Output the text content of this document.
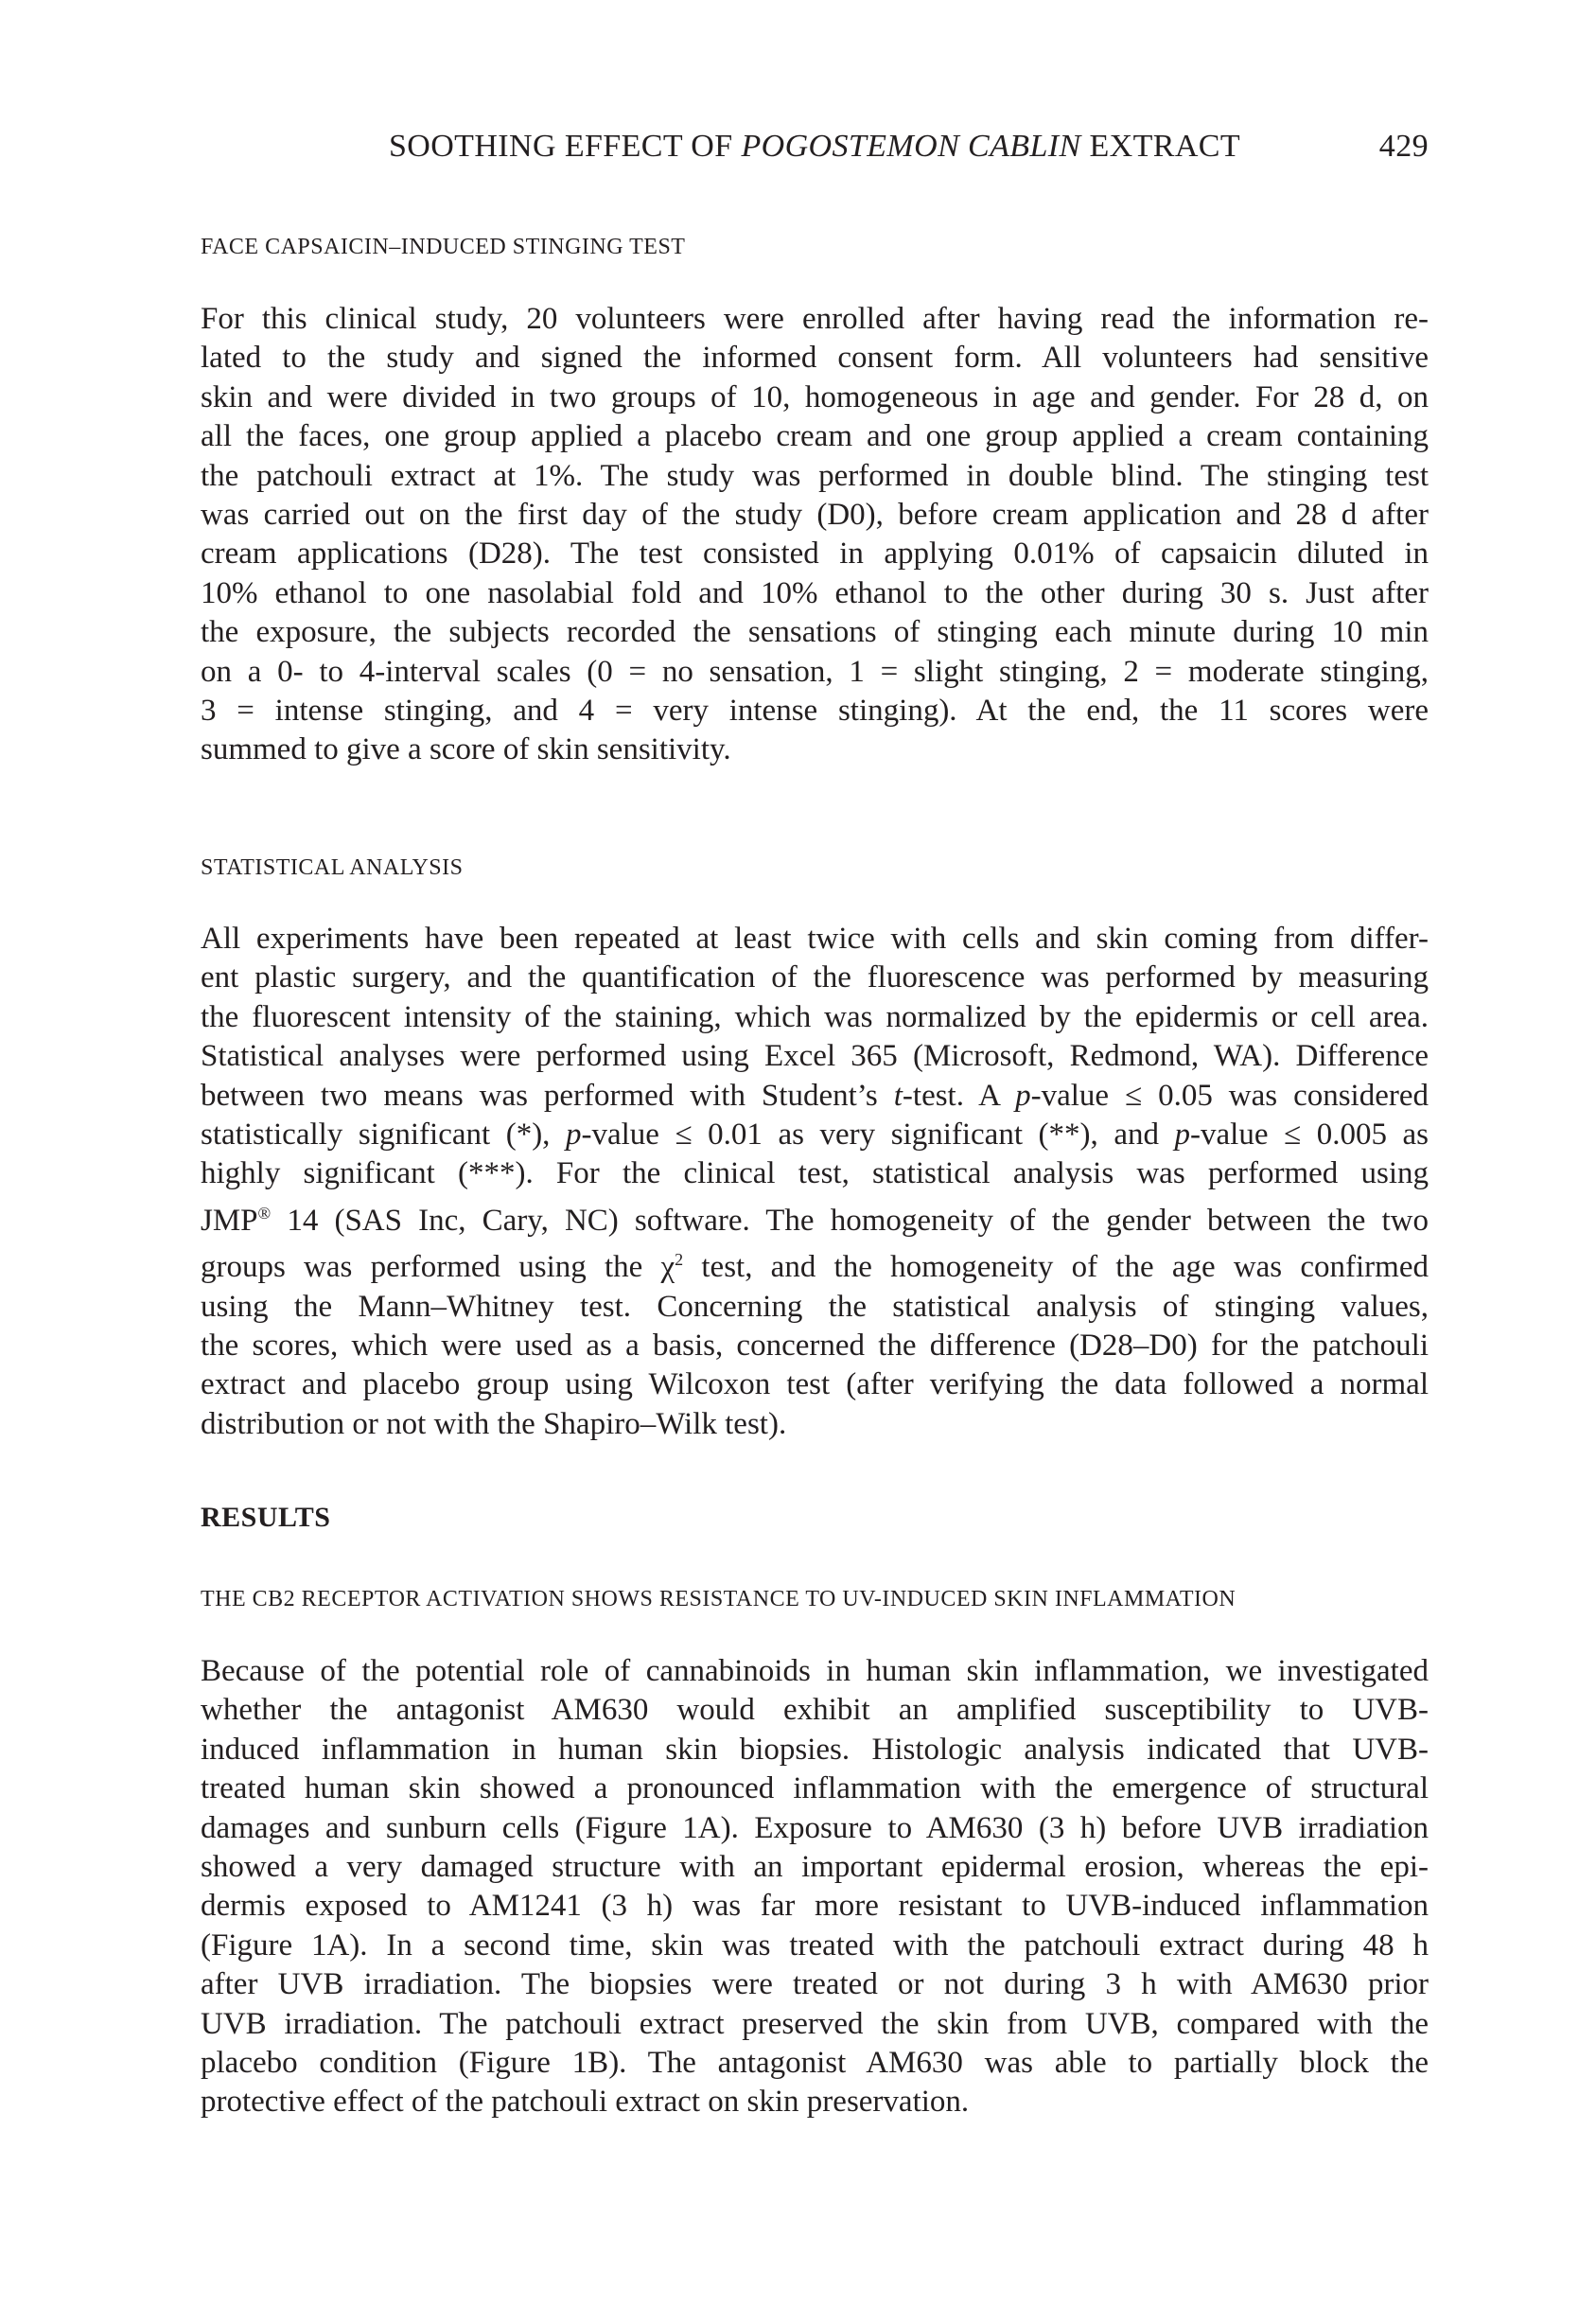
SOOTHING EFFECT OF POGOSTEMON CABLIN EXTRACT	429
FACE CAPSAICIN–INDUCED STINGING TEST
For this clinical study, 20 volunteers were enrolled after having read the information re-
lated to the study and signed the informed consent form. All volunteers had sensitive
skin and were divided in two groups of 10, homogeneous in age and gender. For 28 d, on
all the faces, one group applied a placebo cream and one group applied a cream containing
the patchouli extract at 1%. The study was performed in double blind. The stinging test
was carried out on the first day of the study (D0), before cream application and 28 d after
cream applications (D28). The test consisted in applying 0.01% of capsaicin diluted in
10% ethanol to one nasolabial fold and 10% ethanol to the other during 30 s. Just after
the exposure, the subjects recorded the sensations of stinging each minute during 10 min
on a 0- to 4-interval scales (0 = no sensation, 1 = slight stinging, 2 = moderate stinging,
3 = intense stinging, and 4 = very intense stinging). At the end, the 11 scores were
summed to give a score of skin sensitivity.
STATISTICAL ANALYSIS
All experiments have been repeated at least twice with cells and skin coming from differ-
ent plastic surgery, and the quantification of the fluorescence was performed by measuring
the fluorescent intensity of the staining, which was normalized by the epidermis or cell area.
Statistical analyses were performed using Excel 365 (Microsoft, Redmond, WA). Difference
between two means was performed with Student’s t-test. A p-value ≤ 0.05 was considered
statistically significant (*), p-value ≤ 0.01 as very significant (**), and p-value ≤ 0.005 as
highly significant (***). For the clinical test, statistical analysis was performed using
JMP® 14 (SAS Inc, Cary, NC) software. The homogeneity of the gender between the two
groups was performed using the $\chi^2$ test, and the homogeneity of the age was confirmed
using the Mann–Whitney test. Concerning the statistical analysis of stinging values,
the scores, which were used as a basis, concerned the difference (D28–D0) for the patchouli
extract and placebo group using Wilcoxon test (after verifying the data followed a normal
distribution or not with the Shapiro–Wilk test).
RESULTS
THE CB2 RECEPTOR ACTIVATION SHOWS RESISTANCE TO UV-INDUCED SKIN INFLAMMATION
Because of the potential role of cannabinoids in human skin inflammation, we investigated
whether the antagonist AM630 would exhibit an amplified susceptibility to UVB-
induced inflammation in human skin biopsies. Histologic analysis indicated that UVB-
treated human skin showed a pronounced inflammation with the emergence of structural
damages and sunburn cells (Figure 1A). Exposure to AM630 (3 h) before UVB irradiation
showed a very damaged structure with an important epidermal erosion, whereas the epi-
dermis exposed to AM1241 (3 h) was far more resistant to UVB-induced inflammation
(Figure 1A). In a second time, skin was treated with the patchouli extract during 48 h
after UVB irradiation. The biopsies were treated or not during 3 h with AM630 prior
UVB irradiation. The patchouli extract preserved the skin from UVB, compared with the
placebo condition (Figure 1B). The antagonist AM630 was able to partially block the
protective effect of the patchouli extract on skin preservation.
